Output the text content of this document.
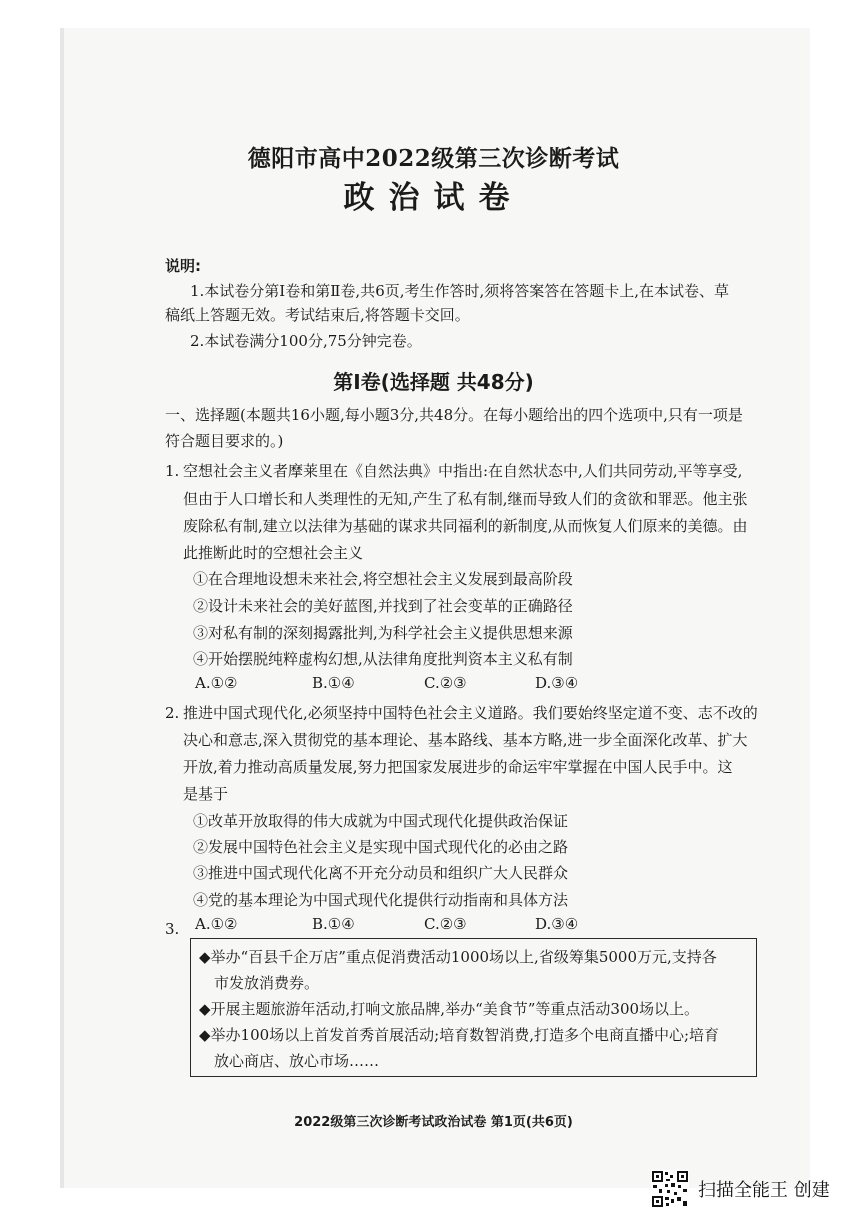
德阳市高中2022级第三次诊断考试
政治试卷
说明:
1.本试卷分第Ⅰ卷和第Ⅱ卷,共6页,考生作答时,须将答案答在答题卡上,在本试卷、草
稿纸上答题无效。考试结束后,将答题卡交回。
2.本试卷满分100分,75分钟完卷。
第Ⅰ卷(选择题 共48分)
一、选择题(本题共16小题,每小题3分,共48分。在每小题给出的四个选项中,只有一项是
符合题目要求的。)
1. 空想社会主义者摩莱里在《自然法典》中指出:在自然状态中,人们共同劳动,平等享受,
但由于人口增长和人类理性的无知,产生了私有制,继而导致人们的贪欲和罪恶。他主张
废除私有制,建立以法律为基础的谋求共同福利的新制度,从而恢复人们原来的美德。由
此推断此时的空想社会主义
①在合理地设想未来社会,将空想社会主义发展到最高阶段
②设计未来社会的美好蓝图,并找到了社会变革的正确路径
③对私有制的深刻揭露批判,为科学社会主义提供思想来源
④开始摆脱纯粹虚构幻想,从法律角度批判资本主义私有制
A.①②	B.①④	C.②③	D.③④
2. 推进中国式现代化,必须坚持中国特色社会主义道路。我们要始终坚定道不变、志不改的
决心和意志,深入贯彻党的基本理论、基本路线、基本方略,进一步全面深化改革、扩大
开放,着力推动高质量发展,努力把国家发展进步的命运牢牢掌握在中国人民手中。这
是基于
①改革开放取得的伟大成就为中国式现代化提供政治保证
②发展中国特色社会主义是实现中国式现代化的必由之路
③推进中国式现代化离不开充分动员和组织广大人民群众
④党的基本理论为中国式现代化提供行动指南和具体方法
A.①②	B.①④	C.②③	D.③④
3.
◆举办“百县千企万店”重点促消费活动1000场以上,省级筹集5000万元,支持各
市发放消费券。
◆开展主题旅游年活动,打响文旅品牌,举办“美食节”等重点活动300场以上。
◆举办100场以上首发首秀首展活动;培育数智消费,打造多个电商直播中心;培育
放心商店、放心市场……
2022级第三次诊断考试政治试卷 第1页(共6页)
扫描全能王 创建
